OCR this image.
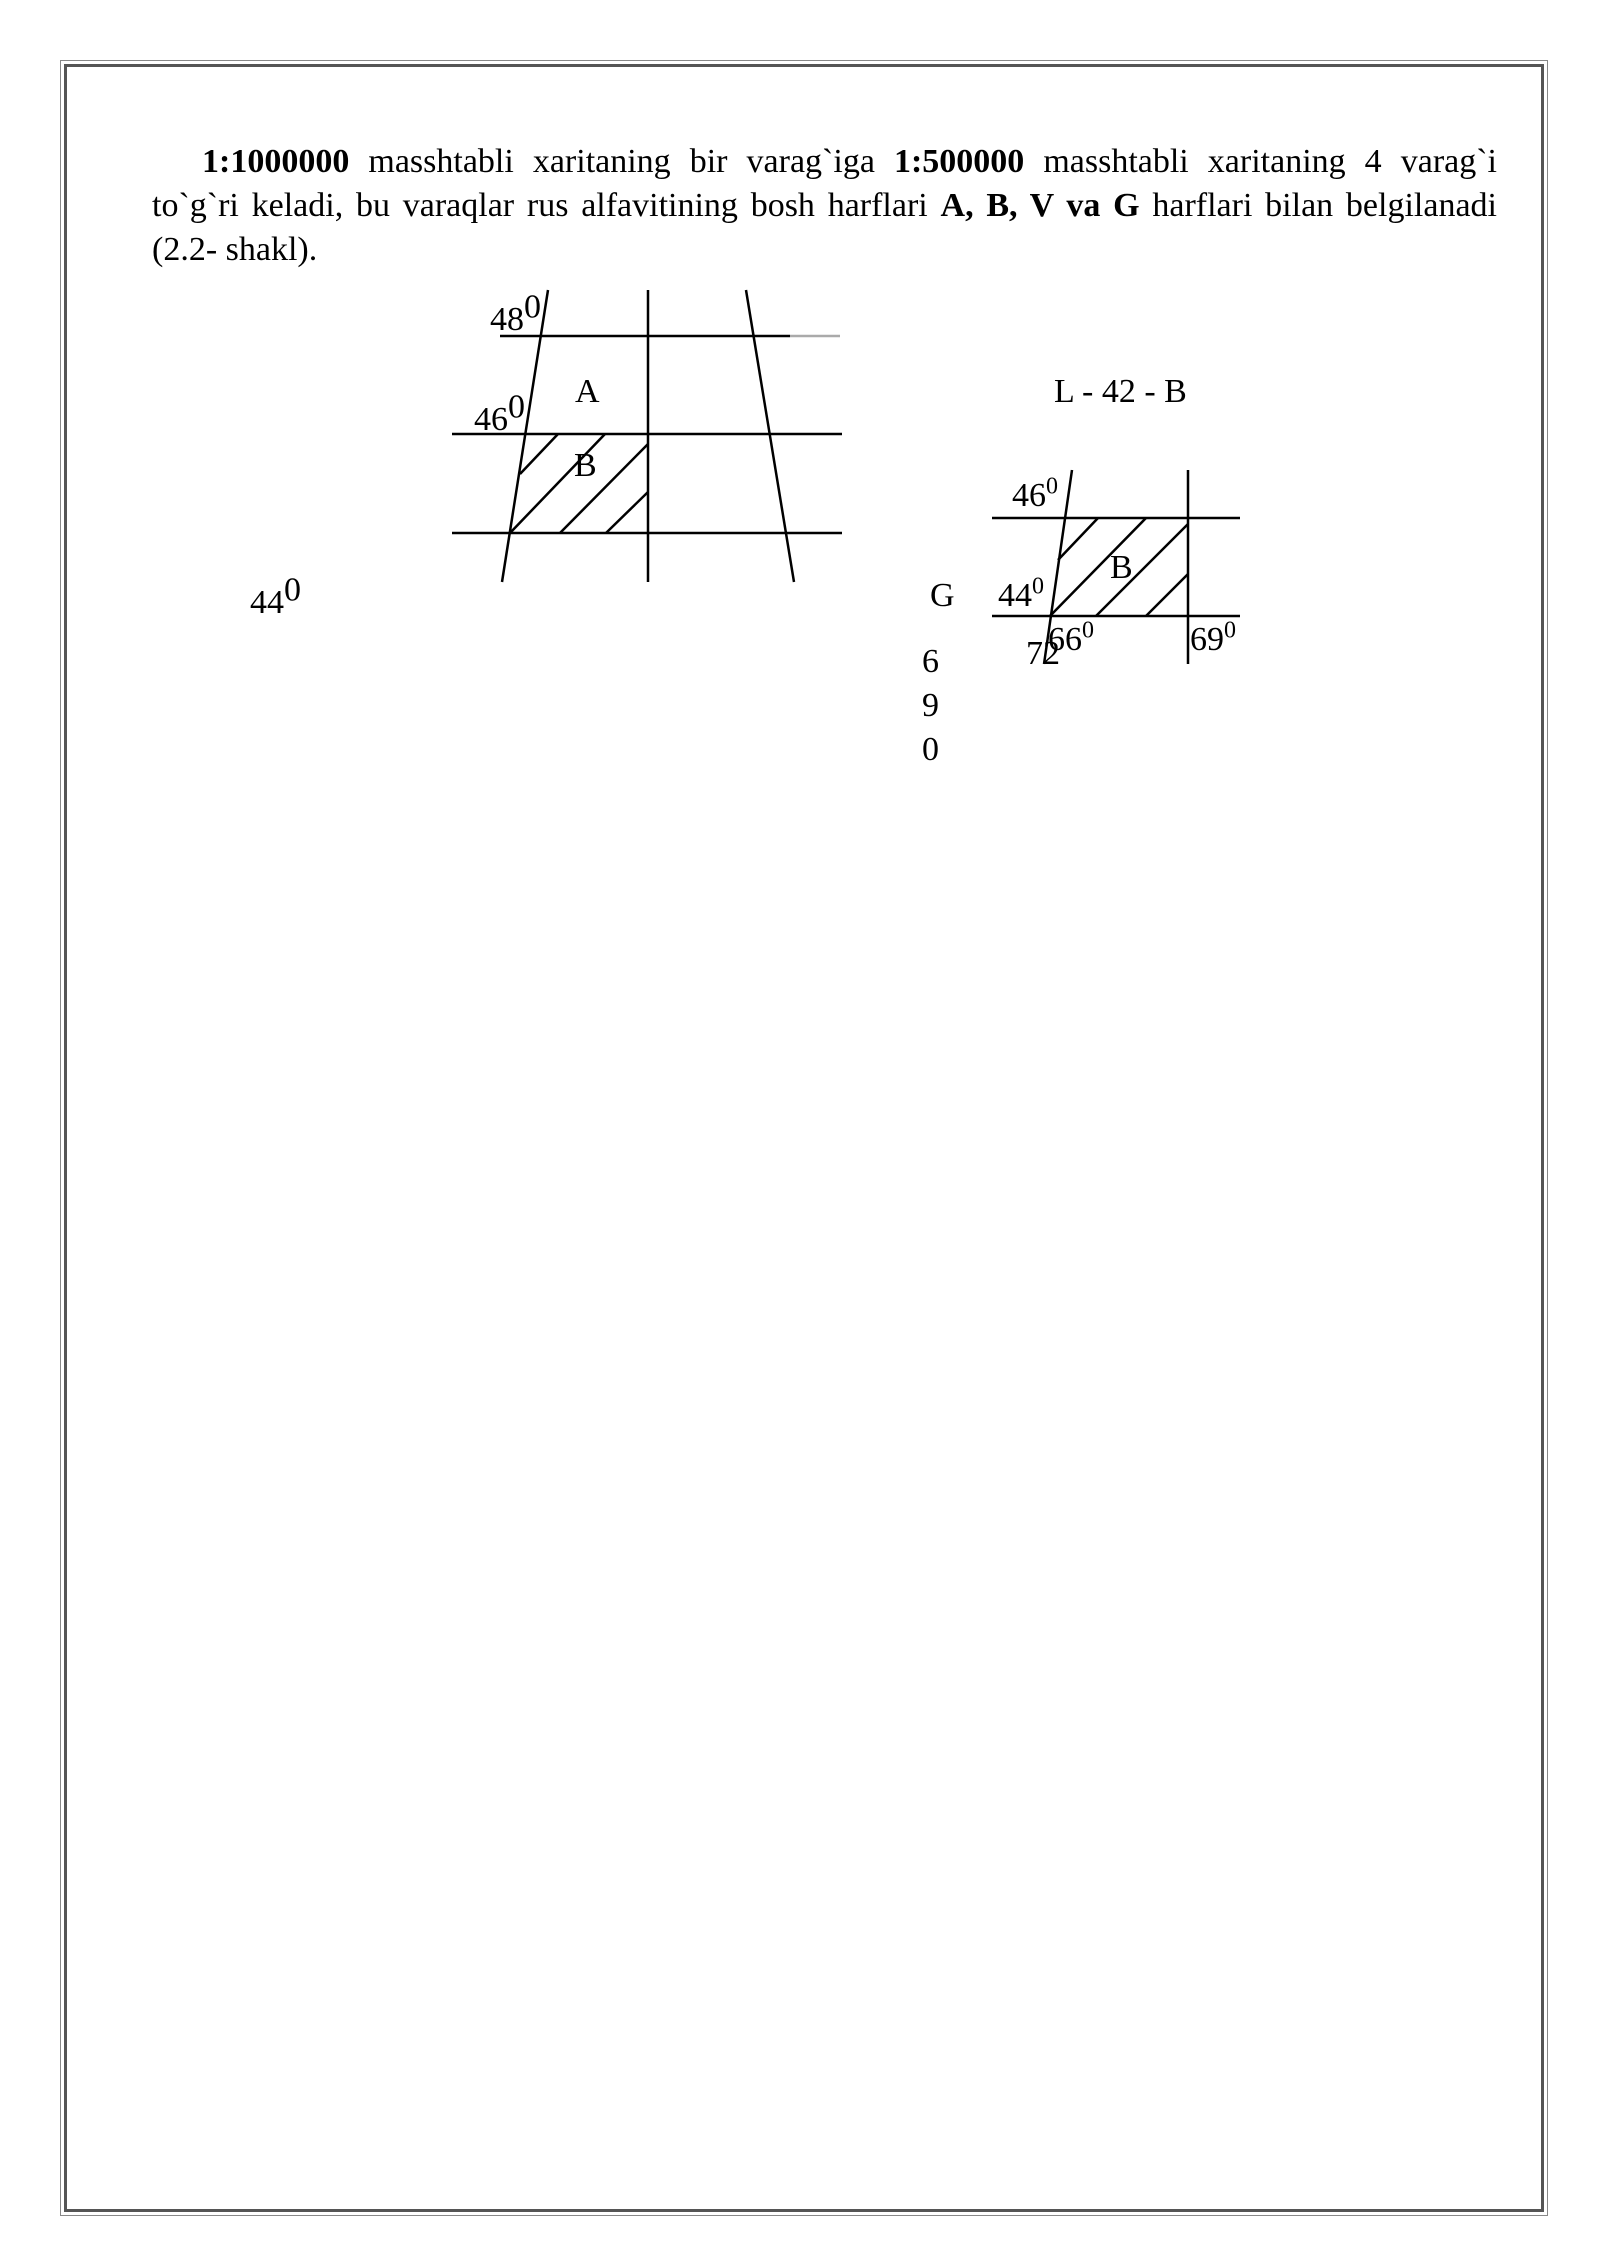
1:1000000 masshtabli xaritaning bir varag`iga 1:500000 masshtabli xaritaning 4 varag`i to`g`ri keladi, bu varaqlar rus alfavitining bosh harflari A, B, V va G harflari bilan belgilanadi (2.2- shakl).

480
460
440
A
B
L - 42 - B
$46^0$
$44^0$
B
G
72
$66^0$	$69^0$
6
9
0
